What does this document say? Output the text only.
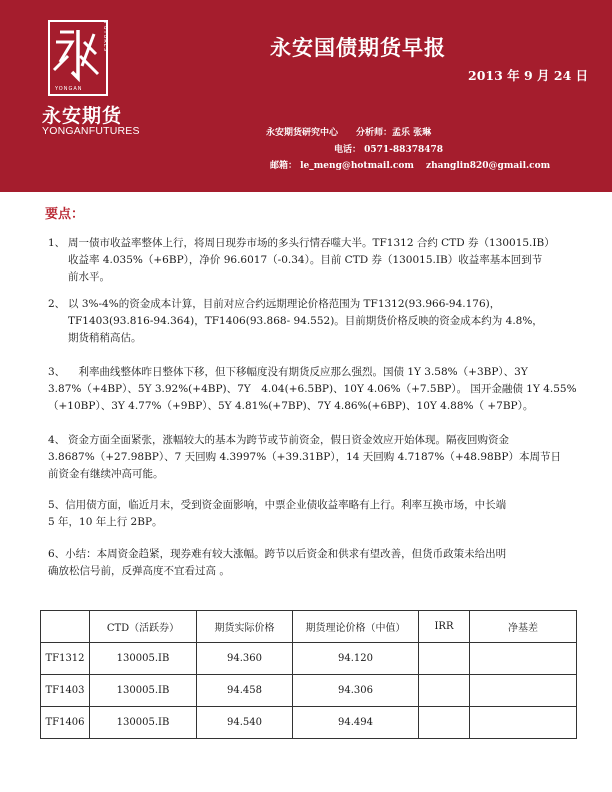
FUTURES
YONGAN
永安期货
YONGANFUTURES
永安国债期货早报
2013 年 9 月 24 日
永安期货研究中心　　分析师：孟乐 张琳
电话： 0571-88378478
邮箱： le_meng@hotmail.com　 zhanglin820@gmail.com
要点：

1、 周一债市收益率整体上行，将周日现券市场的多头行情吞噬大半。TF1312 合约 CTD 券（130015.IB）
收益率 4.035%（+6BP），净价 96.6017（-0.34）。目前 CTD 券（130015.IB）收益率基本回到节
前水平。

2、 以 3%-4%的资金成本计算，目前对应合约远期理论价格范围为 TF1312(93.966-94.176)，
TF1403(93.816-94.364)，TF1406(93.868- 94.552)。目前期货价格反映的资金成本约为 4.8%，
期货稍稍高估。

3、　利率曲线整体昨日整体下移，但下移幅度没有期货反应那么强烈。国债 1Y 3.58%（+3BP）、3Y
3.87%（+4BP）、5Y 3.92%(+4BP)、7Y　4.04(+6.5BP)、10Y 4.06%（+7.5BP）。 国开金融债 1Y 4.55%
（+10BP）、3Y 4.77%（+9BP）、5Y 4.81%(+7BP)、7Y 4.86%(+6BP)、10Y 4.88%（ +7BP）。

4、 资金方面全面紧张，涨幅较大的基本为跨节或节前资金，假日资金效应开始体现。隔夜回购资金
3.8687%（+27.98BP）、7 天回购 4.3997%（+39.31BP），14 天回购 4.7187%（+48.98BP）本周节日
前资金有继续冲高可能。

5、信用债方面，临近月末，受到资金面影响，中票企业债收益率略有上行。利率互换市场，中长端
5 年，10 年上行 2BP。

6、小结：本周资金趋紧，现券难有较大涨幅。跨节以后资金和供求有望改善，但货币政策未给出明
确放松信号前，反弹高度不宜看过高 。

	CTD（活跃券）	期货实际价格	期货理论价格（中值）	IRR	净基差
TF1312	130005.IB	94.360	94.120		
TF1403	130005.IB	94.458	94.306		
TF1406	130005.IB	94.540	94.494		
